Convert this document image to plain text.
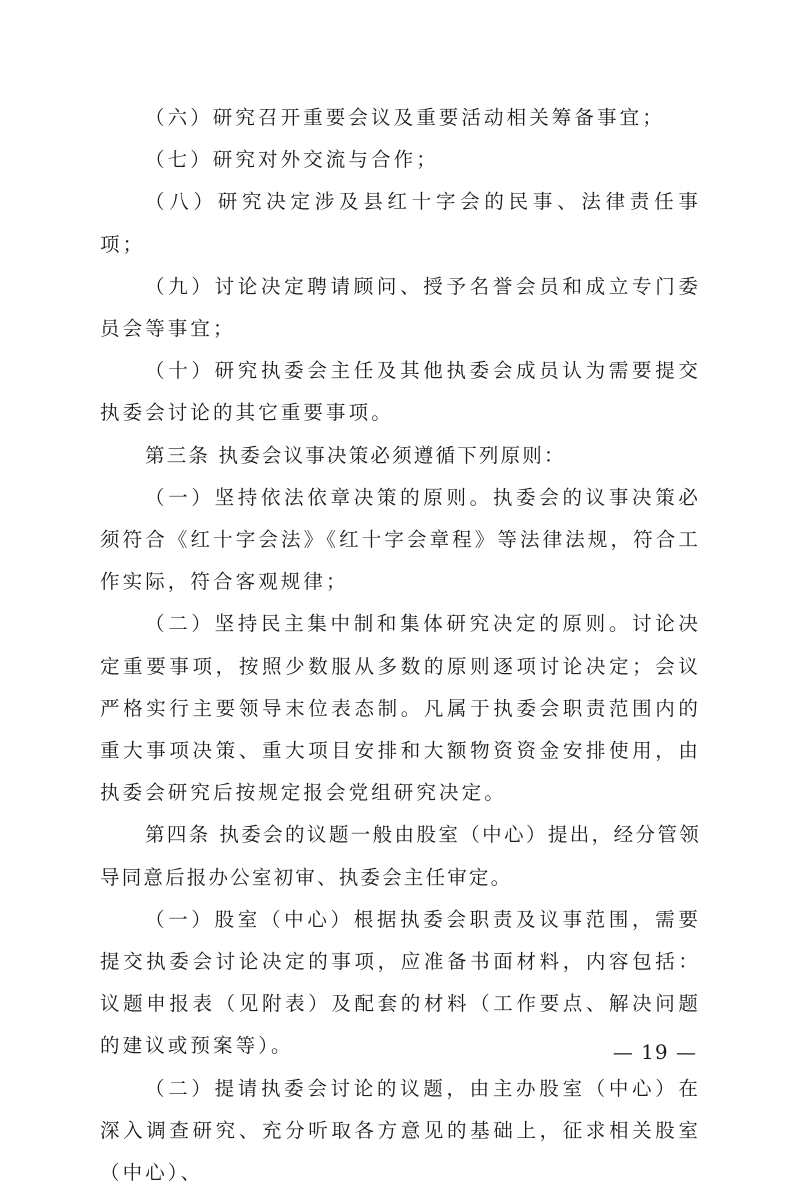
（六）研究召开重要会议及重要活动相关筹备事宜；

（七）研究对外交流与合作；

（八）研究决定涉及县红十字会的民事、法律责任事项；

（九）讨论决定聘请顾问、授予名誉会员和成立专门委员会等事宜；

（十）研究执委会主任及其他执委会成员认为需要提交执委会讨论的其它重要事项。

第三条 执委会议事决策必须遵循下列原则：

（一）坚持依法依章决策的原则。执委会的议事决策必须符合《红十字会法》《红十字会章程》等法律法规，符合工作实际，符合客观规律；

（二）坚持民主集中制和集体研究决定的原则。讨论决定重要事项，按照少数服从多数的原则逐项讨论决定；会议严格实行主要领导末位表态制。凡属于执委会职责范围内的重大事项决策、重大项目安排和大额物资资金安排使用，由执委会研究后按规定报会党组研究决定。

第四条 执委会的议题一般由股室（中心）提出，经分管领导同意后报办公室初审、执委会主任审定。

（一）股室（中心）根据执委会职责及议事范围，需要提交执委会讨论决定的事项，应准备书面材料，内容包括：议题申报表（见附表）及配套的材料（工作要点、解决问题的建议或预案等）。

（二）提请执委会讨论的议题，由主办股室（中心）在深入调查研究、充分听取各方意见的基础上，征求相关股室（中心）、

— 19 —
